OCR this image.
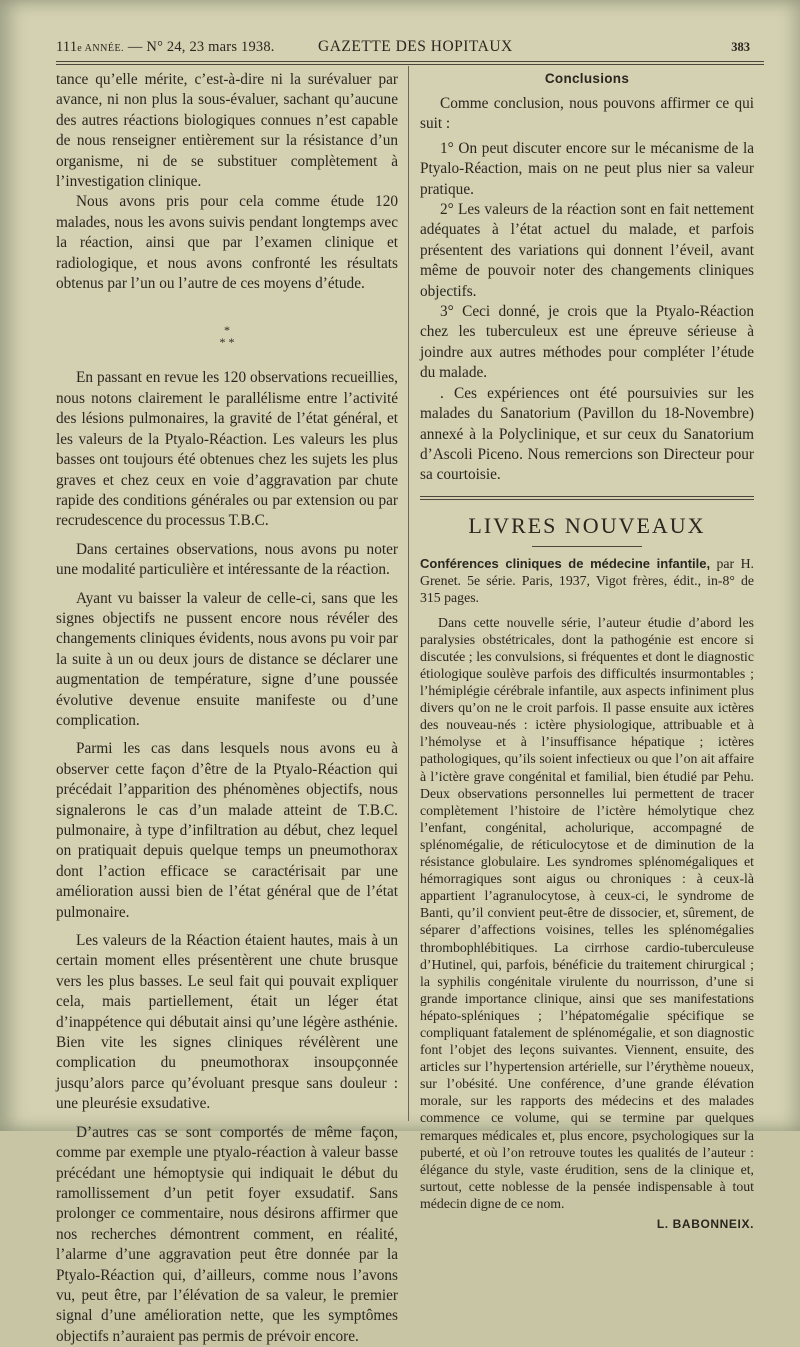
111e ANNÉE. — N° 24, 23 mars 1938.	GAZETTE DES HOPITAUX	383

tance qu’elle mérite, c’est-à-dire ni la surévaluer par avance, ni non plus la sous-évaluer, sachant qu’aucune des autres réactions biologiques connues n’est capable de nous renseigner entièrement sur la résistance d’un organisme, ni de se substituer complètement à l’investigation clinique.

Nous avons pris pour cela comme étude 120 malades, nous les avons suivis pendant longtemps avec la réaction, ainsi que par l’examen clinique et radiologique, et nous avons confronté les résultats obtenus par l’un ou l’autre de ces moyens d’étude.

*
* *

En passant en revue les 120 observations recueillies, nous notons clairement le parallélisme entre l’activité des lésions pulmonaires, la gravité de l’état général, et les valeurs de la Ptyalo-Réaction. Les valeurs les plus basses ont toujours été obtenues chez les sujets les plus graves et chez ceux en voie d’aggravation par chute rapide des conditions générales ou par extension ou par recrudescence du processus T.B.C.

Dans certaines observations, nous avons pu noter une modalité particulière et intéressante de la réaction.

Ayant vu baisser la valeur de celle-ci, sans que les signes objectifs ne pussent encore nous révéler des changements cliniques évidents, nous avons pu voir par la suite à un ou deux jours de distance se déclarer une augmentation de température, signe d’une poussée évolutive devenue ensuite manifeste ou d’une complication.

Parmi les cas dans lesquels nous avons eu à observer cette façon d’être de la Ptyalo-Réaction qui précédait l’apparition des phénomènes objectifs, nous signalerons le cas d’un malade atteint de T.B.C. pulmonaire, à type d’infiltration au début, chez lequel on pratiquait depuis quelque temps un pneumothorax dont l’action efficace se caractérisait par une amélioration aussi bien de l’état général que de l’état pulmonaire.

Les valeurs de la Réaction étaient hautes, mais à un certain moment elles présentèrent une chute brusque vers les plus basses. Le seul fait qui pouvait expliquer cela, mais partiellement, était un léger état d’inappétence qui débutait ainsi qu’une légère asthénie. Bien vite les signes cliniques révélèrent une complication du pneumothorax insoupçonnée jusqu’alors parce qu’évoluant presque sans douleur : une pleurésie exsudative.

D’autres cas se sont comportés de même façon, comme par exemple une ptyalo-réaction à valeur basse précédant une hémoptysie qui indiquait le début du ramollissement d’un petit foyer exsudatif. Sans prolonger ce commentaire, nous désirons affirmer que nos recherches démontrent comment, en réalité, l’alarme d’une aggravation peut être donnée par la Ptyalo-Réaction qui, d’ailleurs, comme nous l’avons vu, peut être, par l’élévation de sa valeur, le premier signal d’une amélioration nette, que les symptômes objectifs n’auraient pas permis de prévoir encore.

Conclusions

Comme conclusion, nous pouvons affirmer ce qui suit :

1° On peut discuter encore sur le mécanisme de la Ptyalo-Réaction, mais on ne peut plus nier sa valeur pratique.

2° Les valeurs de la réaction sont en fait nettement adéquates à l’état actuel du malade, et parfois présentent des variations qui donnent l’éveil, avant même de pouvoir noter des changements cliniques objectifs.

3° Ceci donné, je crois que la Ptyalo-Réaction chez les tuberculeux est une épreuve sérieuse à joindre aux autres méthodes pour compléter l’étude du malade.

. Ces expériences ont été poursuivies sur les malades du Sanatorium (Pavillon du 18-Novembre) annexé à la Polyclinique, et sur ceux du Sanatorium d’Ascoli Piceno. Nous remercions son Directeur pour sa courtoisie.

LIVRES NOUVEAUX

Conférences cliniques de médecine infantile, par H. Grenet. 5e série. Paris, 1937, Vigot frères, édit., in-8° de 315 pages.

Dans cette nouvelle série, l’auteur étudie d’abord les paralysies obstétricales, dont la pathogénie est encore si discutée ; les convulsions, si fréquentes et dont le diagnostic étiologique soulève parfois des difficultés insurmontables ; l’hémiplégie cérébrale infantile, aux aspects infiniment plus divers qu’on ne le croit parfois. Il passe ensuite aux ictères des nouveau-nés : ictère physiologique, attribuable et à l’hémolyse et à l’insuffisance hépatique ; ictères pathologiques, qu’ils soient infectieux ou que l’on ait affaire à l’ictère grave congénital et familial, bien étudié par Pehu. Deux observations personnelles lui permettent de tracer complètement l’histoire de l’ictère hémolytique chez l’enfant, congénital, acholurique, accompagné de splénomégalie, de réticulocytose et de diminution de la résistance globulaire. Les syndromes splénomégaliques et hémorragiques sont aigus ou chroniques : à ceux-là appartient l’agranulocytose, à ceux-ci, le syndrome de Banti, qu’il convient peut-être de dissocier, et, sûrement, de séparer d’affections voisines, telles les splénomégalies thrombophlébitiques. La cirrhose cardio-tuberculeuse d’Hutinel, qui, parfois, bénéficie du traitement chirurgical ; la syphilis congénitale virulente du nourrisson, d’une si grande importance clinique, ainsi que ses manifestations hépato-spléniques ; l’hépatomégalie spécifique se compliquant fatalement de splénomégalie, et son diagnostic font l’objet des leçons suivantes. Viennent, ensuite, des articles sur l’hypertension artérielle, sur l’érythème noueux, sur l’obésité. Une conférence, d’une grande élévation morale, sur les rapports des médecins et des malades commence ce volume, qui se termine par quelques remarques médicales et, plus encore, psychologiques sur la puberté, et où l’on retrouve toutes les qualités de l’auteur : élégance du style, vaste érudition, sens de la clinique et, surtout, cette noblesse de la pensée indispensable à tout médecin digne de ce nom.

L. BABONNEIX.
